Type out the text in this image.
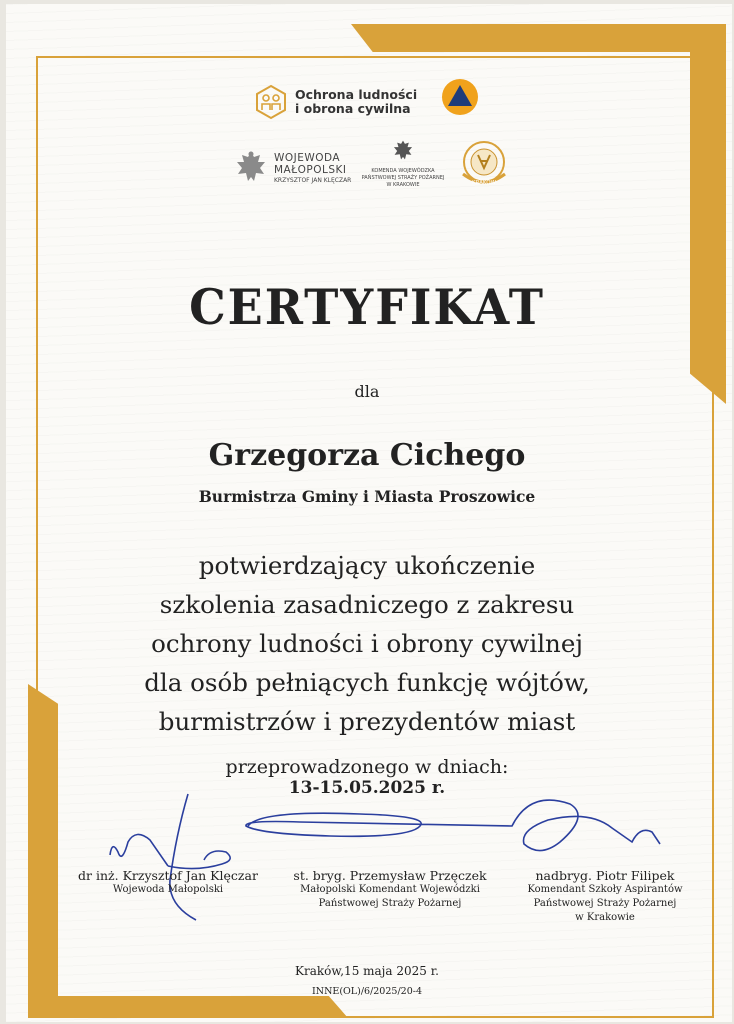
Ochrona ludności
i obrona cywilna
WOJEWODA
MAŁOPOLSKI
KRZYSZTOF JAN KLĘCZAR
KOMENDA WOJEWÓDZKA
PAŃSTWOWEJ STRAŻY POŻARNEJ
W KRAKOWIE	KRAKÓW
CERTYFIKAT
dla
Grzegorza Cichego
Burmistrza Gminy i Miasta Proszowice
potwierdzający ukończenie
szkolenia zasadniczego z zakresu
ochrony ludności i obrony cywilnej
dla osób pełniących funkcję wójtów,
burmistrzów i prezydentów miast
przeprowadzonego w dniach:
13-15.05.2025 r.
dr inż. Krzysztof Jan Klęczar
Wojewoda Małopolski
st. bryg. Przemysław Przęczek
Małopolski Komendant Wojewódzki
Państwowej Straży Pożarnej
nadbryg. Piotr Filipek
Komendant Szkoły Aspirantów
Państwowej Straży Pożarnej
w Krakowie
Kraków,15 maja 2025 r.
INNE(OL)/6/2025/20-4
